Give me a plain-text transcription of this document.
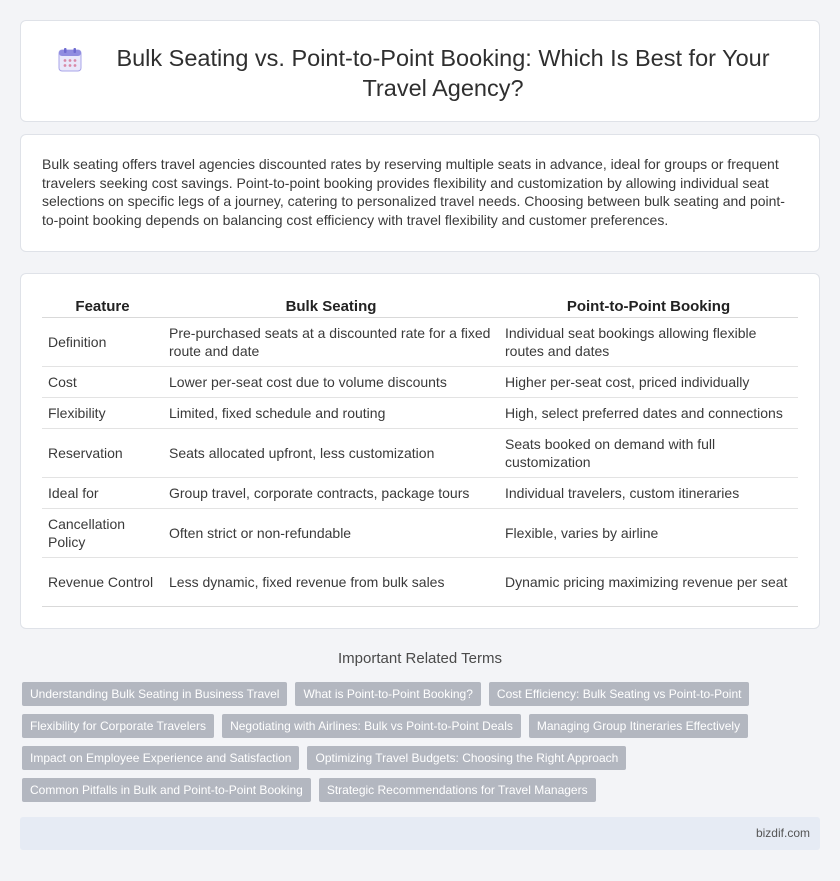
Bulk Seating vs. Point-to-Point Booking: Which Is Best for Your Travel Agency?

Bulk seating offers travel agencies discounted rates by reserving multiple seats in advance, ideal for groups or frequent travelers seeking cost savings. Point-to-point booking provides flexibility and customization by allowing individual seat selections on specific legs of a journey, catering to personalized travel needs. Choosing between bulk seating and point-to-point booking depends on balancing cost efficiency with travel flexibility and customer preferences.

Feature	Bulk Seating	Point-to-Point Booking
Definition	Pre-purchased seats at a discounted rate for a fixed route and date	Individual seat bookings allowing flexible routes and dates
Cost	Lower per-seat cost due to volume discounts	Higher per-seat cost, priced individually
Flexibility	Limited, fixed schedule and routing	High, select preferred dates and connections
Reservation	Seats allocated upfront, less customization	Seats booked on demand with full customization
Ideal for	Group travel, corporate contracts, package tours	Individual travelers, custom itineraries
Cancellation Policy	Often strict or non-refundable	Flexible, varies by airline
Revenue Control	Less dynamic, fixed revenue from bulk sales	Dynamic pricing maximizing revenue per seat
Important Related Terms
Understanding Bulk Seating in Business Travel	What is Point-to-Point Booking?	Cost Efficiency: Bulk Seating vs Point-to-Point
Flexibility for Corporate Travelers	Negotiating with Airlines: Bulk vs Point-to-Point Deals	Managing Group Itineraries Effectively
Impact on Employee Experience and Satisfaction	Optimizing Travel Budgets: Choosing the Right Approach
Common Pitfalls in Bulk and Point-to-Point Booking	Strategic Recommendations for Travel Managers
bizdif.com
